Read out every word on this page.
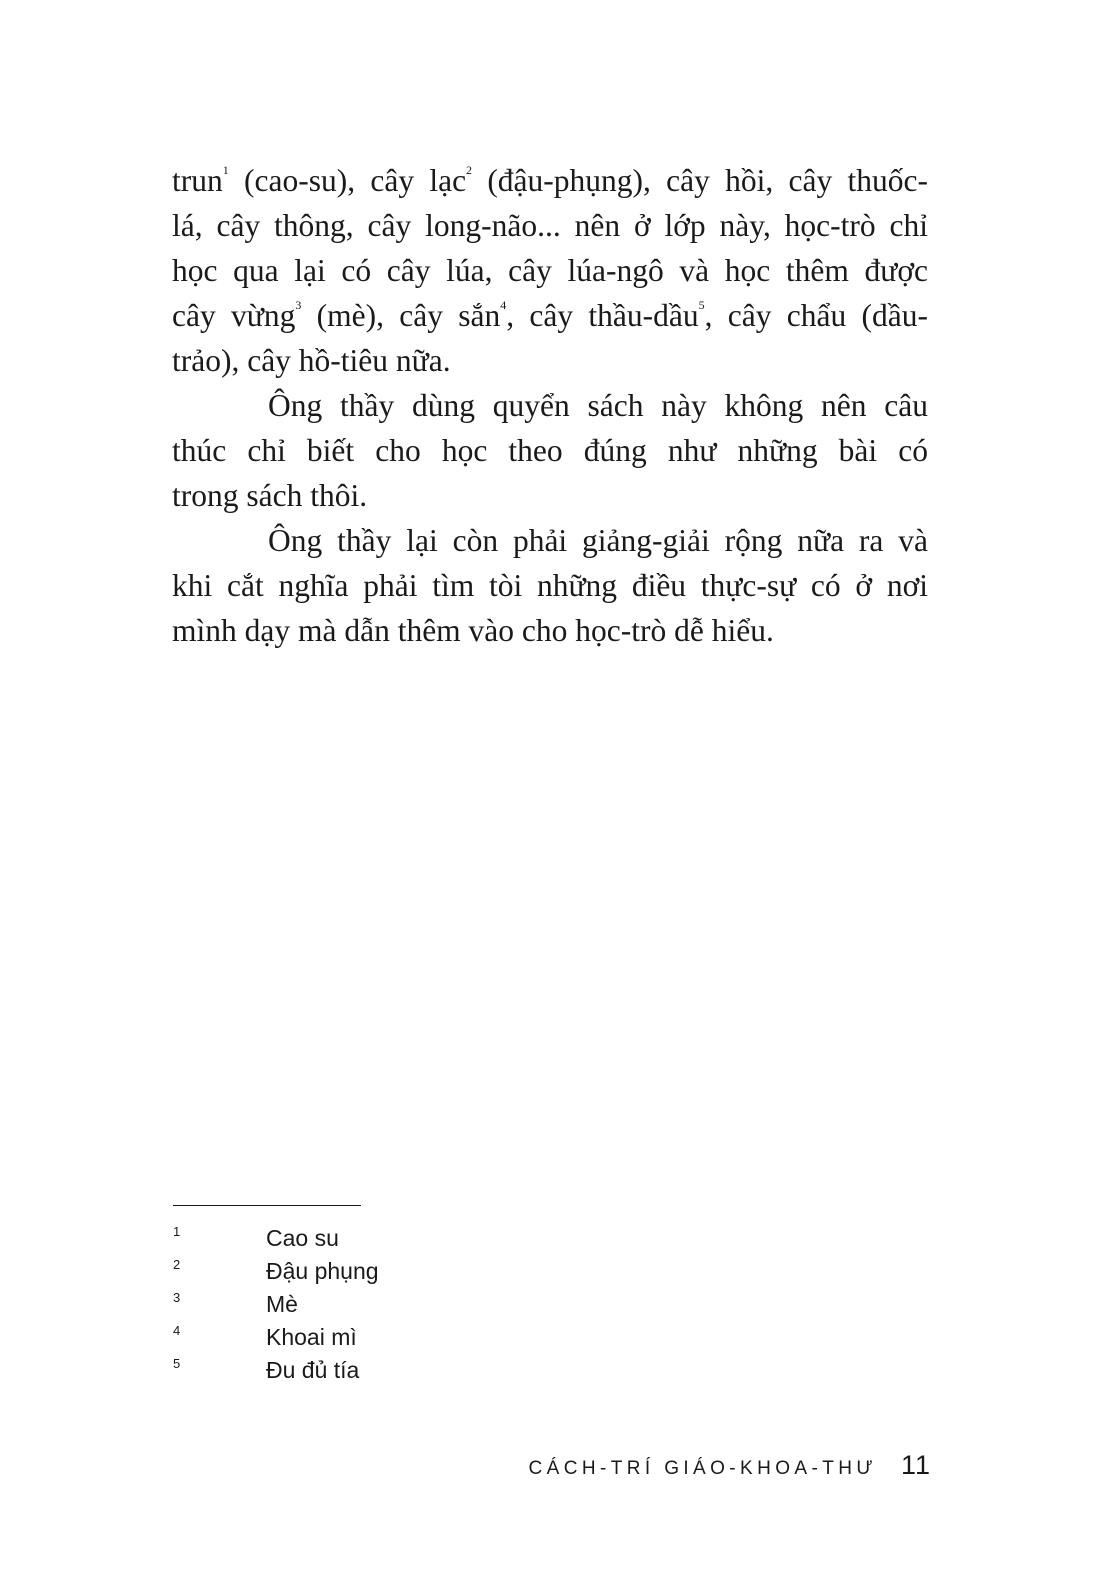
trun$^1$ (cao-su), cây lạc$^2$ (đậu-phụng), cây hồi, cây thuốc-
lá, cây thông, cây long-não... nên ở lớp này, học-trò chỉ
học qua lại có cây lúa, cây lúa-ngô và học thêm được
cây vừng$^3$ (mè), cây sắn$^4$, cây thầu-dầu$^5$, cây chẩu (dầu-
trảo), cây hồ-tiêu nữa.

Ông thầy dùng quyển sách này không nên câu
thúc chỉ biết cho học theo đúng như những bài có
trong sách thôi.

Ông thầy lại còn phải giảng-giải rộng nữa ra và
khi cắt nghĩa phải tìm tòi những điều thực-sự có ở nơi
mình dạy mà dẫn thêm vào cho học-trò dễ hiểu.

1	Cao su
2	Đậu phụng
3	Mè
4	Khoai mì
5	Đu đủ tía
CÁCH-TRÍ GIÁO-KHOA-THƯ 11
